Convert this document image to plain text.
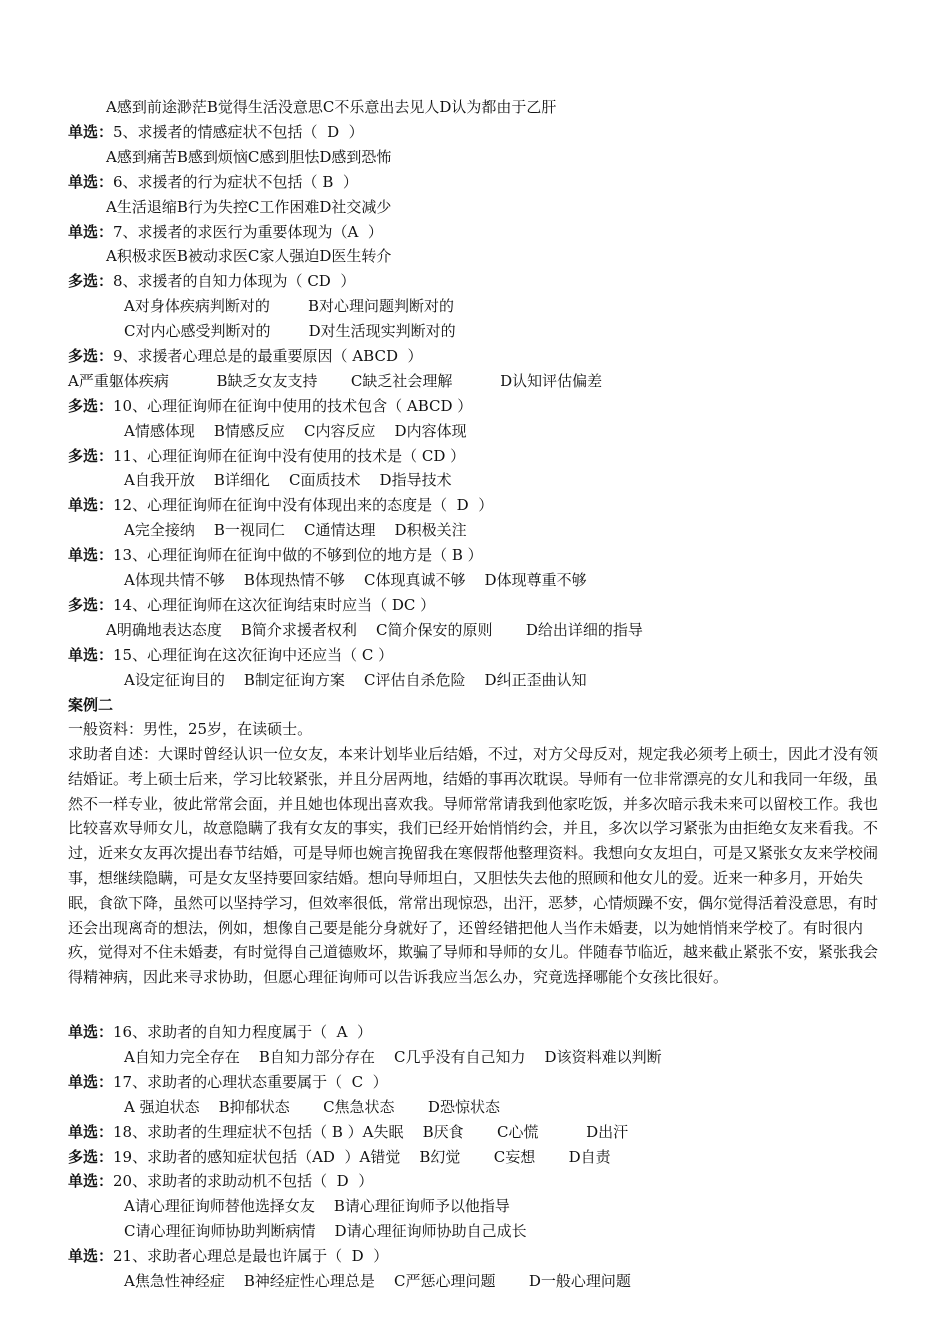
A感到前途渺茫B觉得生活没意思C不乐意出去见人D认为都由于乙肝
单选：5、求援者的情感症状不包括（  D  ）
A感到痛苦B感到烦恼C感到胆怯D感到恐怖
单选：6、求援者的行为症状不包括（ B  ）
A生活退缩B行为失控C工作困难D社交减少
单选：7、求援者的求医行为重要体现为（A  ）
A积极求医B被动求医C家人强迫D医生转介
多选：8、求援者的自知力体现为（ CD  ）
A对身体疾病判断对的        B对心理问题判断对的
C对内心感受判断对的        D对生活现实判断对的
多选：9、求援者心理总是的最重要原因（ ABCD  ）
A严重躯体疾病          B缺乏女友支持       C缺乏社会理解          D认知评估偏差
多选：10、心理征询师在征询中使用的技术包含（ ABCD ）
A情感体现    B情感反应    C内容反应    D内容体现
多选：11、心理征询师在征询中没有使用的技术是（ CD ）
A自我开放    B详细化    C面质技术    D指导技术
单选：12、心理征询师在征询中没有体现出来的态度是（  D  ）
A完全接纳    B一视同仁    C通情达理    D积极关注
单选：13、心理征询师在征询中做的不够到位的地方是（ B ）
A体现共情不够    B体现热情不够    C体现真诚不够    D体现尊重不够
多选：14、心理征询师在这次征询结束时应当（ DC ）
A明确地表达态度    B简介求援者权利    C简介保安的原则       D给出详细的指导
单选：15、心理征询在这次征询中还应当（ C ）
A设定征询目的    B制定征询方案    C评估自杀危险    D纠正歪曲认知
案例二
一般资料：男性，25岁，在读硕士。
求助者自述：大课时曾经认识一位女友，本来计划毕业后结婚，不过，对方父母反对，规定我必须考上硕士，因此才没有领结婚证。考上硕士后来，学习比较紧张，并且分居两地，结婚的事再次耽误。导师有一位非常漂亮的女儿和我同一年级，虽然不一样专业，彼此常常会面，并且她也体现出喜欢我。导师常常请我到他家吃饭，并多次暗示我未来可以留校工作。我也比较喜欢导师女儿，故意隐瞒了我有女友的事实，我们已经开始悄悄约会，并且，多次以学习紧张为由拒绝女友来看我。不过，近来女友再次提出春节结婚，可是导师也婉言挽留我在寒假帮他整理资料。我想向女友坦白，可是又紧张女友来学校闹事，想继续隐瞒，可是女友坚持要回家结婚。想向导师坦白，又胆怯失去他的照顾和他女儿的爱。近来一种多月，开始失眠，食欲下降，虽然可以坚持学习，但效率很低，常常出现惊恐，出汗，恶梦，心情烦躁不安，偶尔觉得活着没意思，有时还会出现离奇的想法，例如，想像自己要是能分身就好了，还曾经错把他人当作未婚妻，以为她悄悄来学校了。有时很内疚，觉得对不住未婚妻，有时觉得自己道德败坏，欺骗了导师和导师的女儿。伴随春节临近，越来截止紧张不安，紧张我会得精神病，因此来寻求协助，但愿心理征询师可以告诉我应当怎么办，究竟选择哪能个女孩比很好。
单选：16、求助者的自知力程度属于（  A  ）
A自知力完全存在    B自知力部分存在    C几乎没有自己知力    D该资料难以判断
单选：17、求助者的心理状态重要属于（  C  ）
A 强迫状态    B抑郁状态       C焦急状态       D恐惊状态
单选：18、求助者的生理症状不包括（ B ）A失眠    B厌食       C心慌          D出汗
多选：19、求助者的感知症状包括（AD  ）A错觉    B幻觉       C妄想       D自责
单选：20、求助者的求助动机不包括（  D  ）
A请心理征询师替他选择女友    B请心理征询师予以他指导
C请心理征询师协助判断病情    D请心理征询师协助自己成长
单选：21、求助者心理总是最也许属于（  D  ）
A焦急性神经症    B神经症性心理总是    C严惩心理问题       D一般心理问题
